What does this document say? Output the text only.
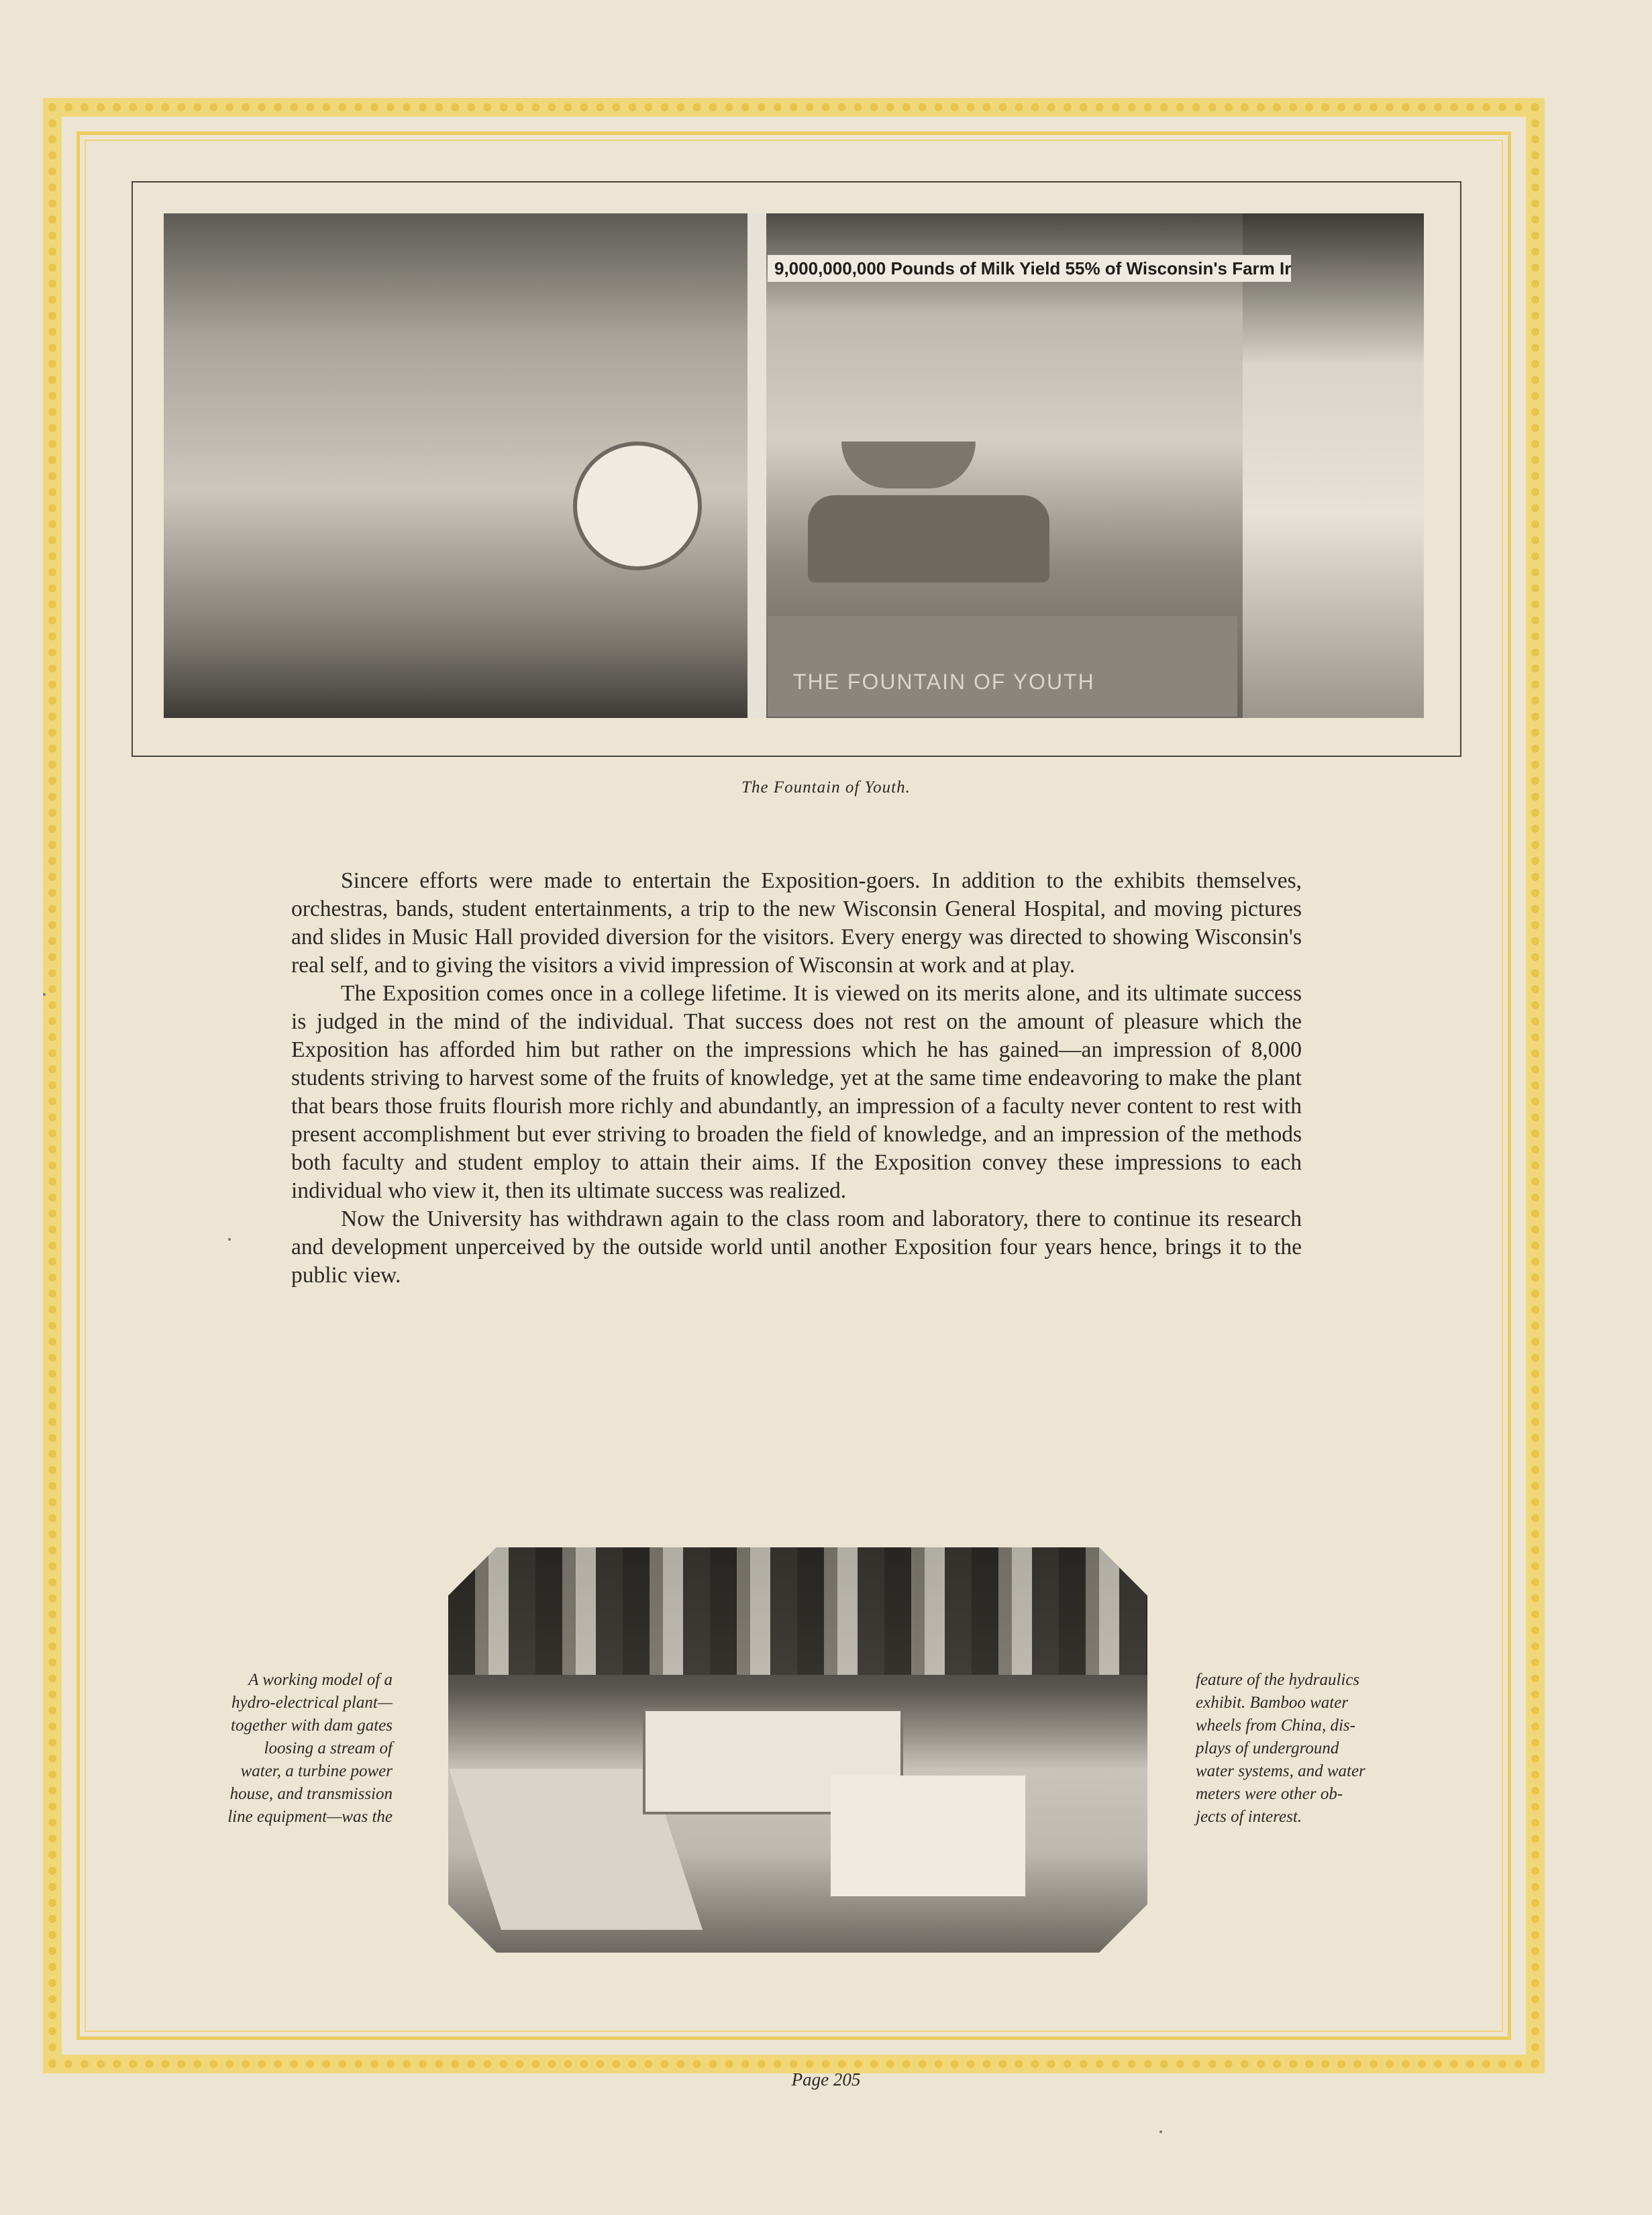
9,000,000,000 Pounds of Milk Yield 55% of Wisconsin's Farm Ir
THE FOUNTAIN OF YOUTH
The Fountain of Youth.

Sincere efforts were made to entertain the Exposition-goers. In addition to the exhibits themselves, orchestras, bands, student entertainments, a trip to the new Wisconsin General Hospital, and moving pictures and slides in Music Hall provided diversion for the visitors. Every energy was directed to showing Wisconsin's real self, and to giving the visitors a vivid impression of Wisconsin at work and at play.

The Exposition comes once in a college lifetime. It is viewed on its merits alone, and its ultimate success is judged in the mind of the individual. That success does not rest on the amount of pleasure which the Exposition has afforded him but rather on the impressions which he has gained—an impression of 8,000 students striving to harvest some of the fruits of knowledge, yet at the same time endeavoring to make the plant that bears those fruits flourish more richly and abundantly, an impression of a faculty never content to rest with present accomplishment but ever striving to broaden the field of knowledge, and an impression of the methods both faculty and student employ to attain their aims. If the Exposition convey these impressions to each individual who view it, then its ultimate success was realized.

Now the University has withdrawn again to the class room and laboratory, there to continue its research and development unperceived by the outside world until another Exposition four years hence, brings it to the public view.

A working model of a
hydro-electrical plant—
together with dam gates
loosing a stream of
water, a turbine power
house, and transmission
line equipment—was the
feature of the hydraulics
exhibit. Bamboo water
wheels from China, dis-
plays of underground
water systems, and water
meters were other ob-
jects of interest.
Page 205
